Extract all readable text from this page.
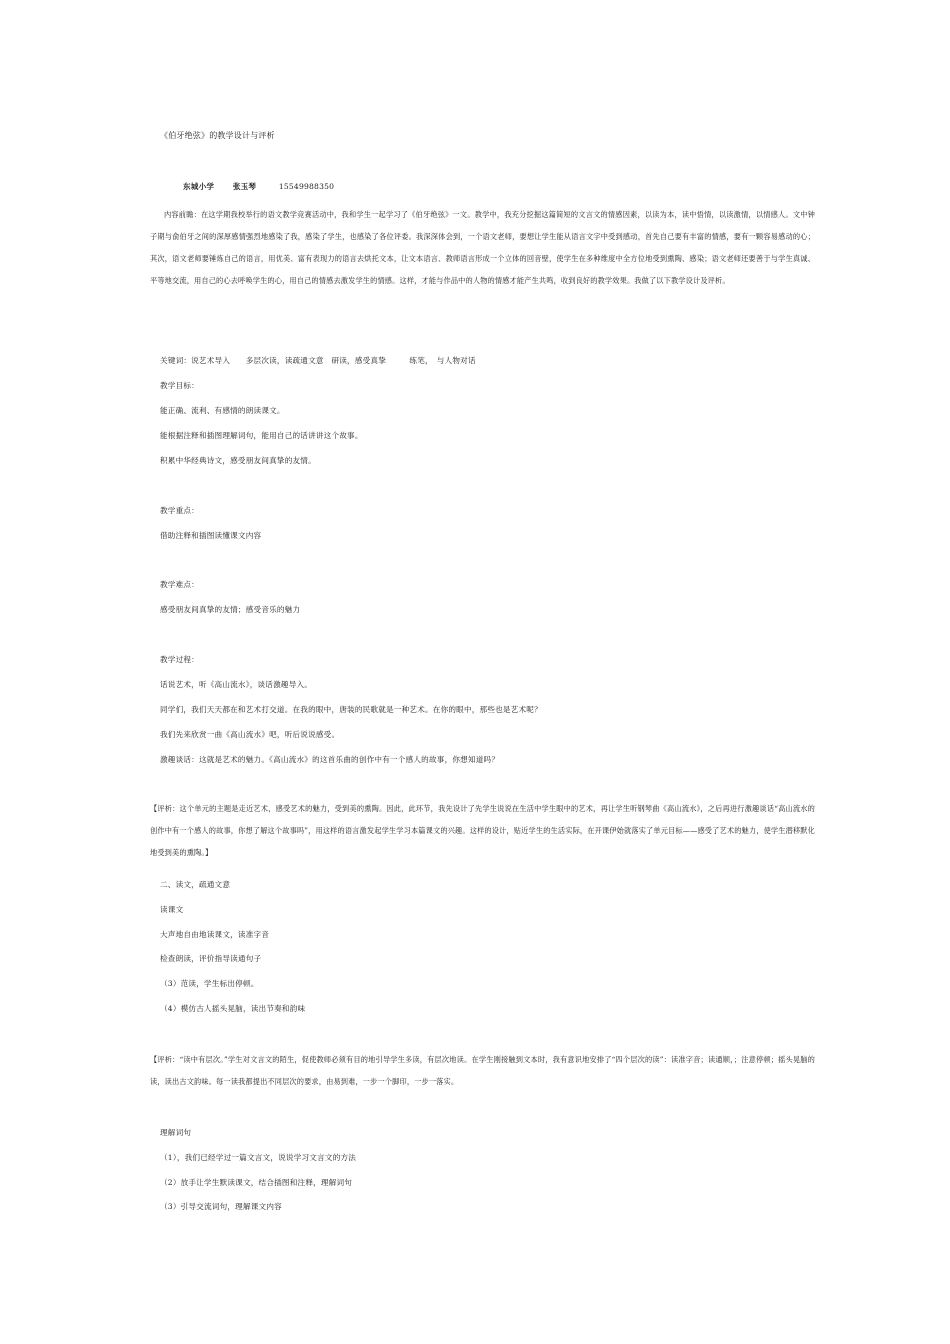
《伯牙绝弦》的教学设计与评析
东城小学 张玉琴	15549988350
内容前瞻：在这学期我校举行的语文教学竞赛活动中，我和学生一起学习了《伯牙绝弦》一文。教学中，我充分挖掘这篇简短的文言文的情感因素，以读为本，读中悟情，以读激情，以情感人。文中钟子期与俞伯牙之间的深厚感情强烈地感染了我，感染了学生，也感染了各位评委。我深深体会到，一个语文老师，要想让学生能从语言文字中受到感动，首先自己要有丰富的情感，要有一颗容易感动的心；其次，语文老师要锤炼自己的语言，用优美、富有表现力的语言去烘托文本，让文本语言、教师语言形成一个立体的回音壁，使学生在多种维度中全方位地受到熏陶、感染；语文老师还要善于与学生真诚、平等地交流，用自己的心去呼唤学生的心，用自己的情感去激发学生的情感。这样，才能与作品中的人物的情感才能产生共鸣，收到良好的教学效果。我做了以下教学设计及评析。
关键词：说艺术导入　　多层次读，读疏通文意　研读，感受真挚　　　练笔，　与人物对话
教学目标：
能正确、流利、有感情的朗读课文。
能根据注释和插图理解词句，能用自己的话讲讲这个故事。
积累中华经典诗文，感受朋友间真挚的友情。
教学重点：
借助注释和插图读懂课文内容
教学难点：
感受朋友间真挚的友情；感受音乐的魅力
教学过程：
话说艺术，听《高山流水》，谈话激趣导入。
同学们，我们天天都在和艺术打交道。在我的眼中，唐装的民歌就是一种艺术。在你的眼中，那些也是艺术呢？
我们先来欣赏一曲《高山流水》吧，听后说说感受。
激趣谈话：这就是艺术的魅力。《高山流水》的这首乐曲的创作中有一个感人的故事，你想知道吗？
【评析：这个单元的主题是走近艺术，感受艺术的魅力，受到美的熏陶。因此，此环节，我先设计了先学生说说在生活中学生眼中的艺术，再让学生听钢琴曲《高山流水》，之后再进行激趣谈话“高山流水的创作中有一个感人的故事，你想了解这个故事吗”，用这样的语言激发起学生学习本篇课文的兴趣。这样的设计，贴近学生的生活实际，在开课伊始就落实了单元目标——感受了艺术的魅力，使学生潜移默化地受到美的熏陶。】
二、读文，疏通文意
读课文
大声地自由地读课文，读准字音
检查朗读，评价指导读通句子
（3）范读，学生标出停顿。
（4）模仿古人摇头晃脑，读出节奏和韵味
【评析：“读中有层次。”学生对文言文的陌生，促使教师必须有目的地引导学生多读，有层次地读。在学生刚接触到文本时，我有意识地安排了“四个层次的读”：读准字音；读通顺，；注意停顿；摇头晃脑的读，读出古文韵味。每一读我都提出不同层次的要求，由易到难，一步一个脚印，一步一落实。
理解词句
（1），我们已经学过一篇文言文，说说学习文言文的方法
（2）放手让学生默读课文，结合插图和注释，理解词句
（3）引导交流词句，理解课文内容
